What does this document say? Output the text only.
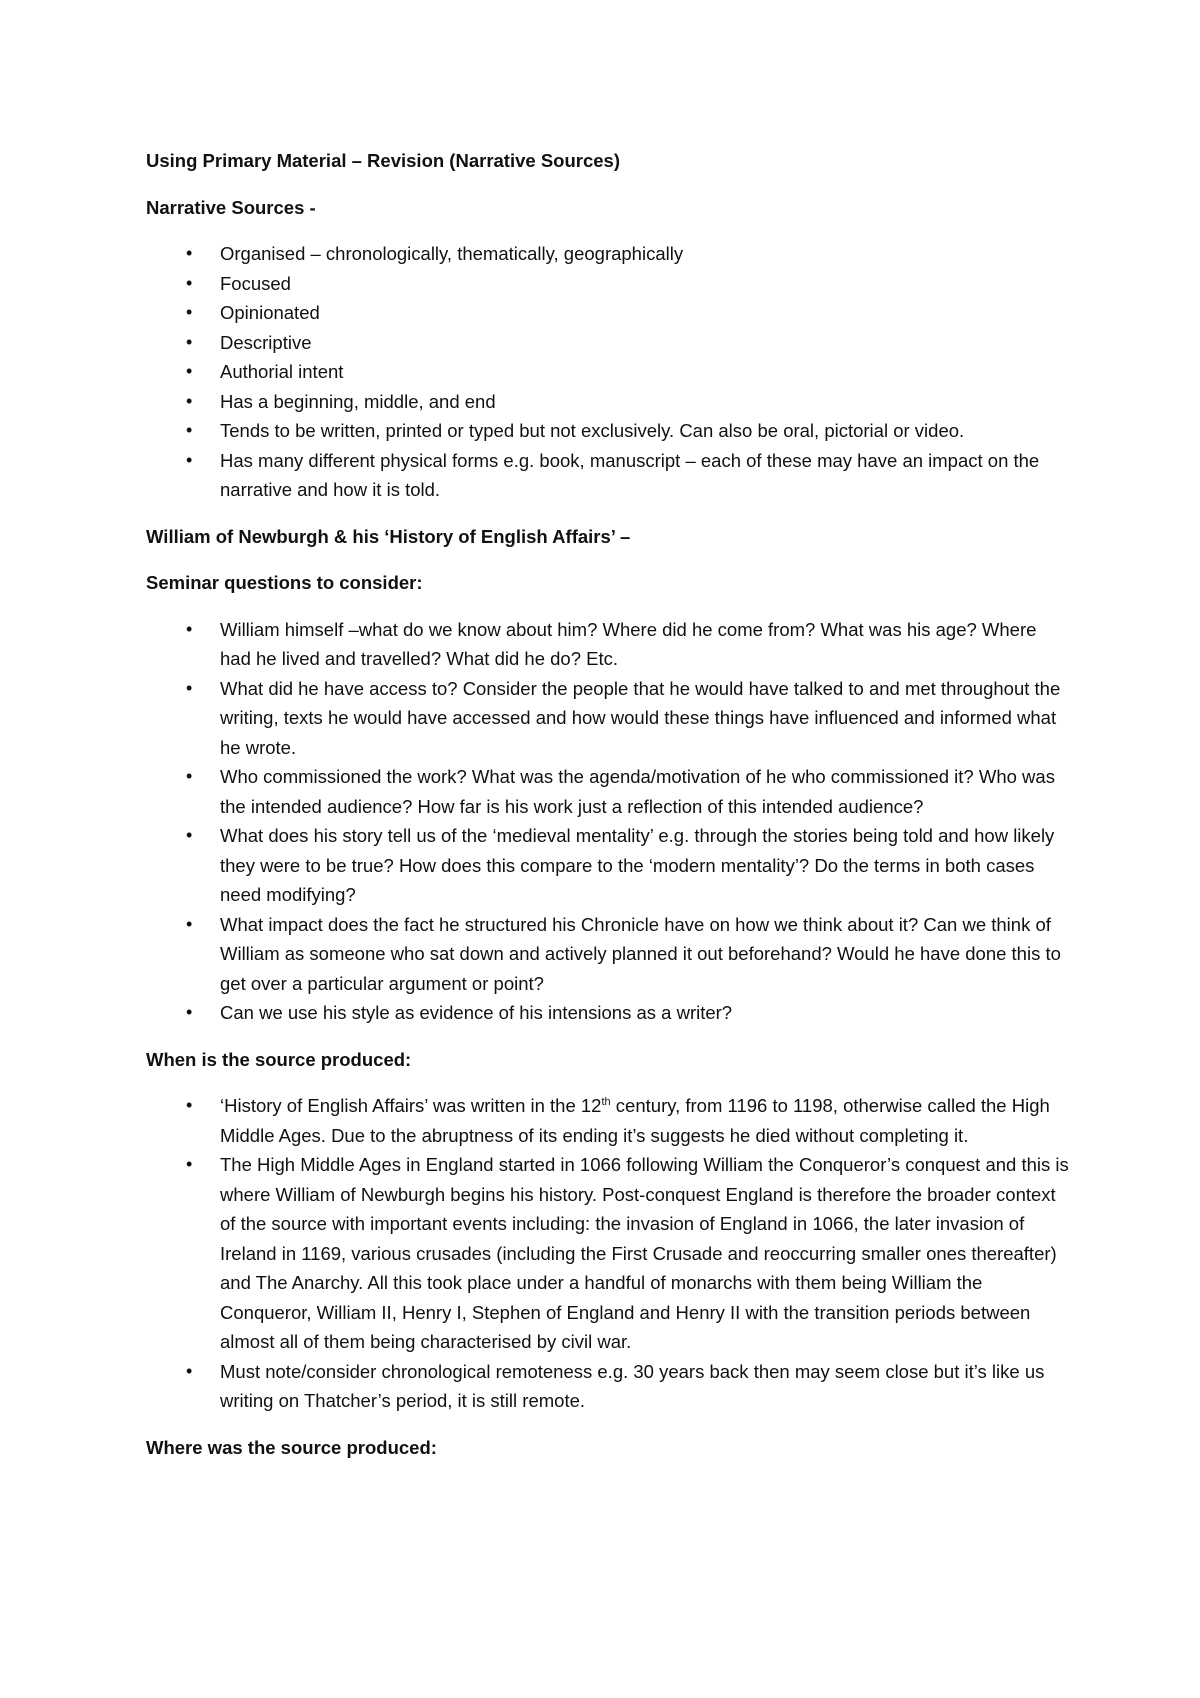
Using Primary Material – Revision (Narrative Sources)

Narrative Sources -

• Organised – chronologically, thematically, geographically
• Focused
• Opinionated
• Descriptive
• Authorial intent
• Has a beginning, middle, and end
• Tends to be written, printed or typed but not exclusively. Can also be oral, pictorial or video.
• Has many different physical forms e.g. book, manuscript – each of these may have an impact on the narrative and how it is told.

William of Newburgh & his ‘History of English Affairs’ –

Seminar questions to consider:

• William himself –what do we know about him? Where did he come from? What was his age? Where had he lived and travelled? What did he do? Etc.
• What did he have access to? Consider the people that he would have talked to and met throughout the writing, texts he would have accessed and how would these things have influenced and informed what he wrote.
• Who commissioned the work? What was the agenda/motivation of he who commissioned it? Who was the intended audience? How far is his work just a reflection of this intended audience?
• What does his story tell us of the ‘medieval mentality’ e.g. through the stories being told and how likely they were to be true? How does this compare to the ‘modern mentality’? Do the terms in both cases need modifying?
• What impact does the fact he structured his Chronicle have on how we think about it? Can we think of William as someone who sat down and actively planned it out beforehand? Would he have done this to get over a particular argument or point?
• Can we use his style as evidence of his intensions as a writer?

When is the source produced:

• ‘History of English Affairs’ was written in the 12th century, from 1196 to 1198, otherwise called the High Middle Ages. Due to the abruptness of its ending it’s suggests he died without completing it.
• The High Middle Ages in England started in 1066 following William the Conqueror’s conquest and this is where William of Newburgh begins his history. Post-conquest England is therefore the broader context of the source with important events including: the invasion of England in 1066, the later invasion of Ireland in 1169, various crusades (including the First Crusade and reoccurring smaller ones thereafter) and The Anarchy. All this took place under a handful of monarchs with them being William the Conqueror, William II, Henry I, Stephen of England and Henry II with the transition periods between almost all of them being characterised by civil war.
• Must note/consider chronological remoteness e.g. 30 years back then may seem close but it’s like us writing on Thatcher’s period, it is still remote.

Where was the source produced:
